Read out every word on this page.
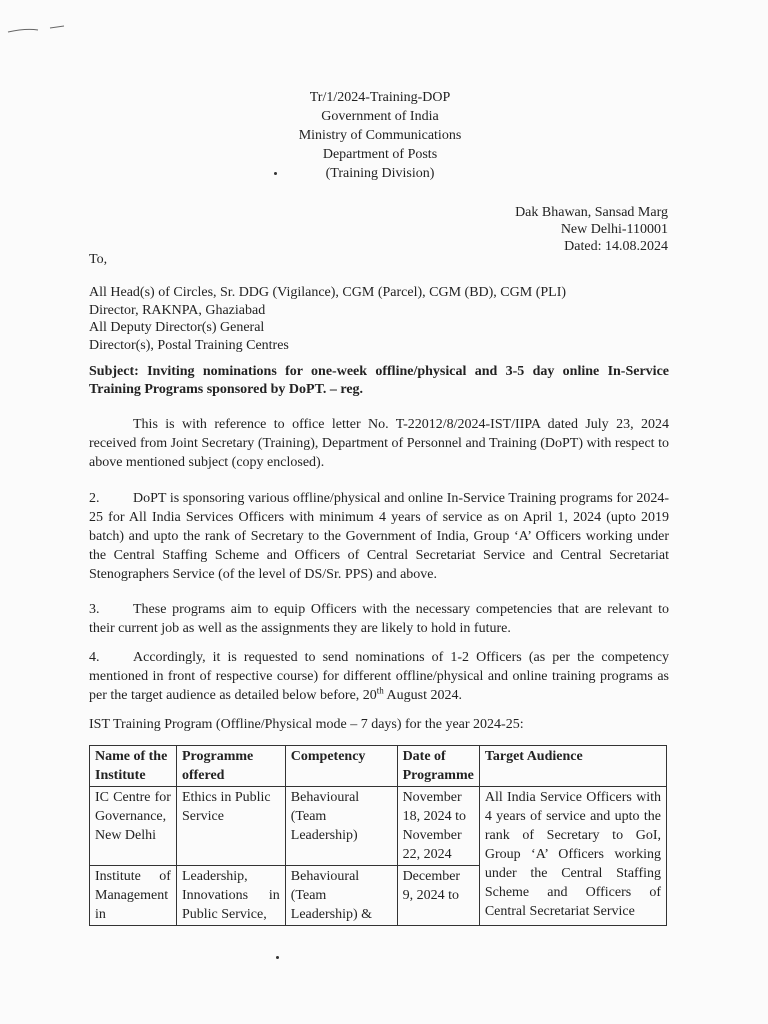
Tr/1/2024-Training-DOP
Government of India
Ministry of Communications
Department of Posts
(Training Division)
Dak Bhawan, Sansad Marg
New Delhi-110001
Dated: 14.08.2024
To,
All Head(s) of Circles, Sr. DDG (Vigilance), CGM (Parcel), CGM (BD), CGM (PLI)
Director, RAKNPA, Ghaziabad
All Deputy Director(s) General
Director(s), Postal Training Centres
Subject: Inviting nominations for one-week offline/physical and 3-5 day online In-Service Training Programs sponsored by DoPT. – reg.
This is with reference to office letter No. T-22012/8/2024-IST/IIPA dated July 23, 2024 received from Joint Secretary (Training), Department of Personnel and Training (DoPT) with respect to above mentioned subject (copy enclosed).
2. DoPT is sponsoring various offline/physical and online In-Service Training programs for 2024-25 for All India Services Officers with minimum 4 years of service as on April 1, 2024 (upto 2019 batch) and upto the rank of Secretary to the Government of India, Group ‘A’ Officers working under the Central Staffing Scheme and Officers of Central Secretariat Service and Central Secretariat Stenographers Service (of the level of DS/Sr. PPS) and above.
3. These programs aim to equip Officers with the necessary competencies that are relevant to their current job as well as the assignments they are likely to hold in future.
4. Accordingly, it is requested to send nominations of 1-2 Officers (as per the competency mentioned in front of respective course) for different offline/physical and online training programs as per the target audience as detailed below before, 20th August 2024.
IST Training Program (Offline/Physical mode – 7 days) for the year 2024-25:
Name of the Institute	Programme offered	Competency	Date of Programme	Target Audience
IC Centre for Governance, New Delhi	Ethics in Public Service	Behavioural (Team Leadership)	November 18, 2024 to November 22, 2024	All India Service Officers with 4 years of service and upto the rank of Secretary to GoI, Group ‘A’ Officers working under the Central Staffing Scheme and Officers of Central Secretariat Service
Institute of Management in	Leadership, Innovations in Public Service,	Behavioural (Team Leadership) &	December 9, 2024 to	
